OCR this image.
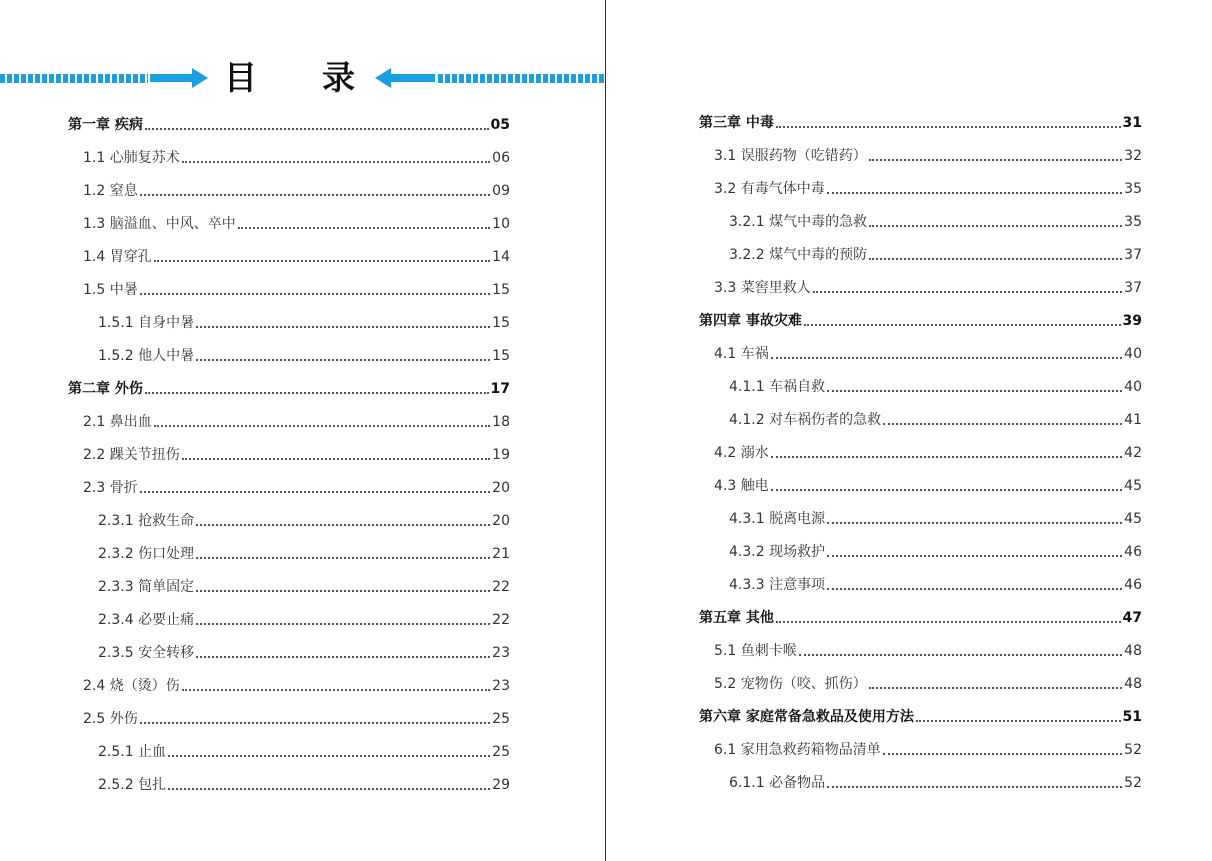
目 录
第一章 疾病	05
1.1 心肺复苏术	06
1.2 窒息	09
1.3 脑溢血、中风、卒中	10
1.4 胃穿孔	14
1.5 中暑	15
1.5.1 自身中暑	15
1.5.2 他人中暑	15
第二章 外伤	17
2.1 鼻出血	18
2.2 踝关节扭伤	19
2.3 骨折	20
2.3.1 抢救生命	20
2.3.2 伤口处理	21
2.3.3 简单固定	22
2.3.4 必要止痛	22
2.3.5 安全转移	23
2.4 烧（烫）伤	23
2.5 外伤	25
2.5.1 止血	25
2.5.2 包扎	29
第三章 中毒	31
3.1 误服药物（吃错药）	32
3.2 有毒气体中毒	35
3.2.1 煤气中毒的急救	35
3.2.2 煤气中毒的预防	37
3.3 菜窖里救人	37
第四章 事故灾难	39
4.1 车祸	40
4.1.1 车祸自救	40
4.1.2 对车祸伤者的急救	41
4.2 溺水	42
4.3 触电	45
4.3.1 脱离电源	45
4.3.2 现场救护	46
4.3.3 注意事项	46
第五章 其他	47
5.1 鱼刺卡喉	48
5.2 宠物伤（咬、抓伤）	48
第六章 家庭常备急救品及使用方法	51
6.1 家用急救药箱物品清单	52
6.1.1 必备物品	52
